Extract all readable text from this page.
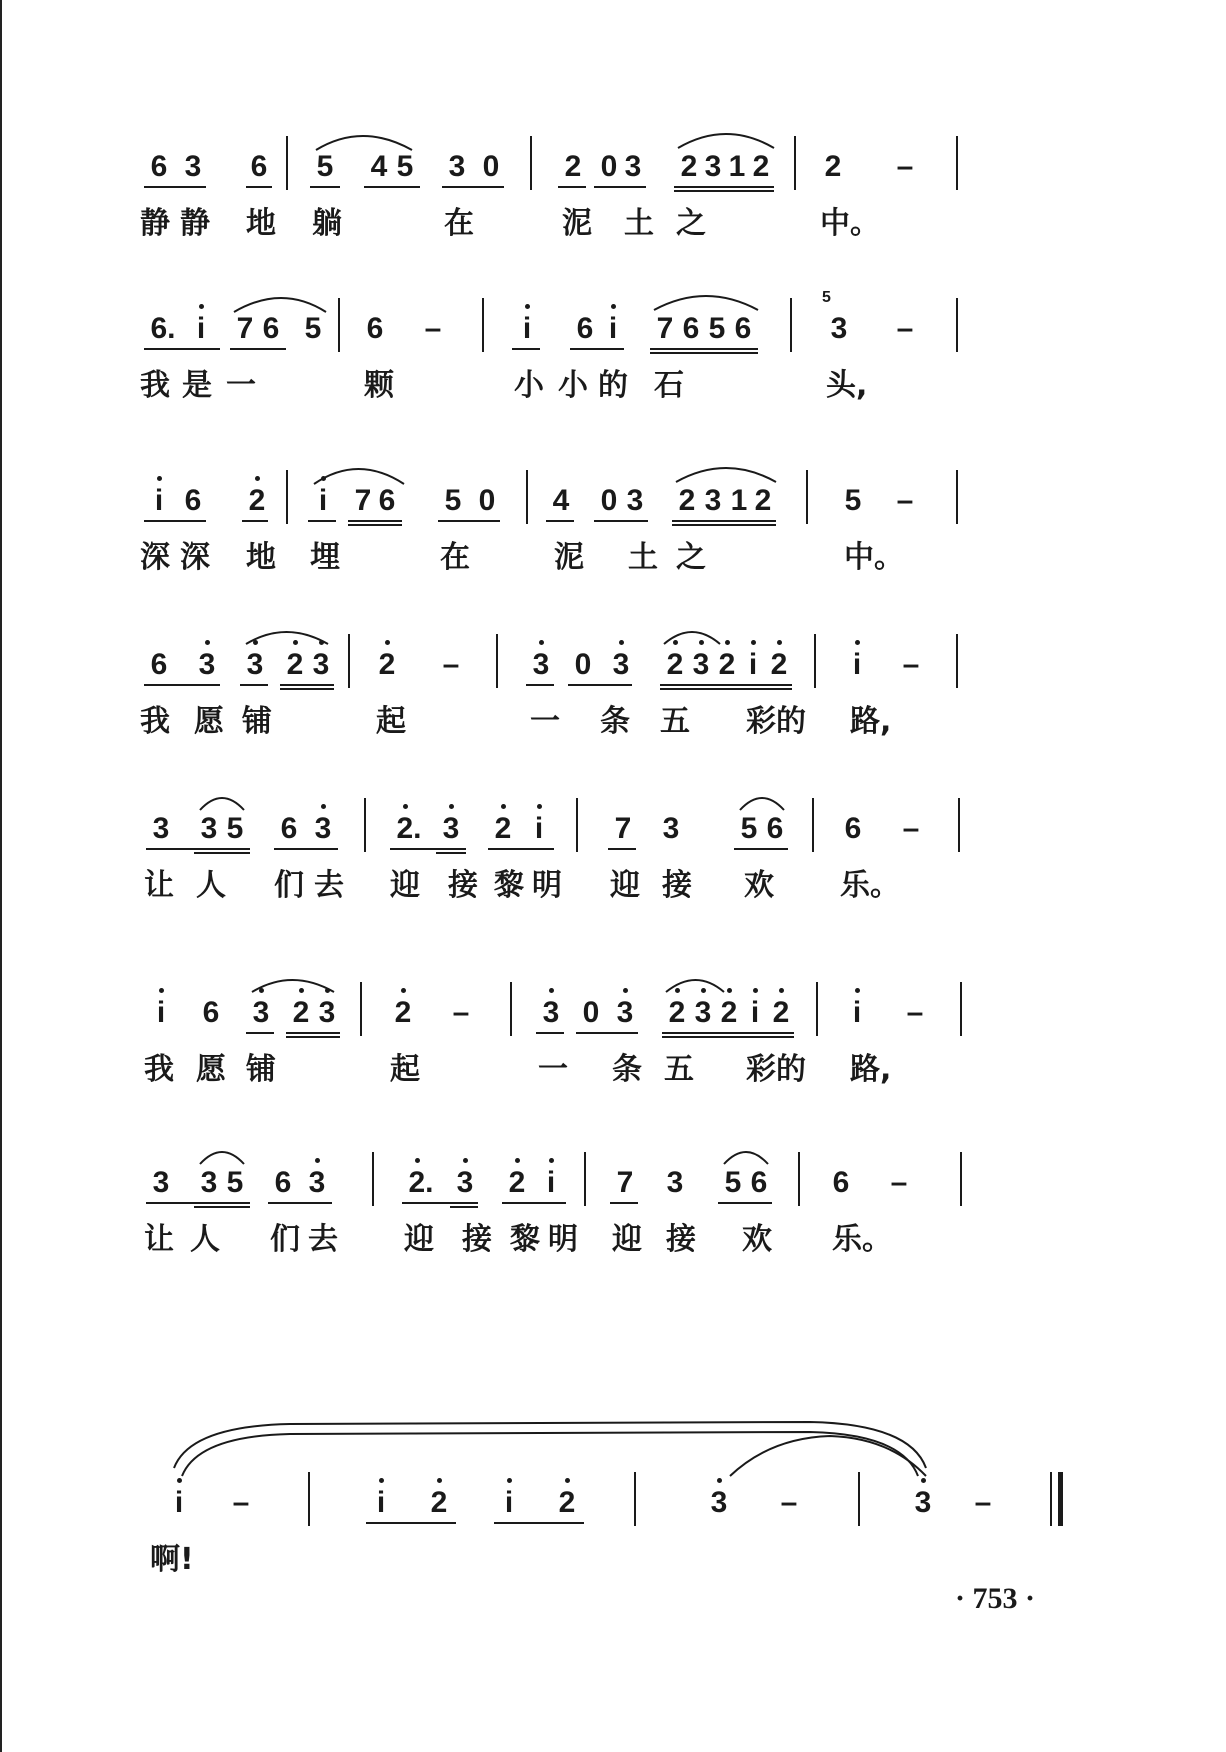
6 3 6 5 4 5 3 0 2 0 3 2 3 1 2 2 –
静 静 地 躺	在	泥 土 之	中。
6. i 7 6 5 6 –	i 6 i 7 6 5 6
5
3 –
我 是 一	颗	小 小 的 石	头,
i 6 2 i 7 6 5 0 4 0 3 2 3 1 2 5 –
深 深 地 埋	在	泥 土 之	中。
6 3 3 2 3 2 – 3 0 3 2 3 2 i 2 i –
我 愿 铺	起	一 条 五 彩的 路,
3 3 5 6 3 2. 3 2 i 7 3 5 6 6 –
让 人 们 去 迎 接 黎 明 迎 接 欢 乐。
i 6 3 2 3 2 – 3 0 3 2 3 2 i 2 i –
我 愿 铺	起	一 条 五 彩的 路,
3 3 5 6 3	2. 3 2 i 7 3 5 6 6 –
让 人 们 去 迎 接 黎 明 迎 接 欢 乐。
i –	i 2 i 2	3 –	3 –
啊!
· 753 ·
